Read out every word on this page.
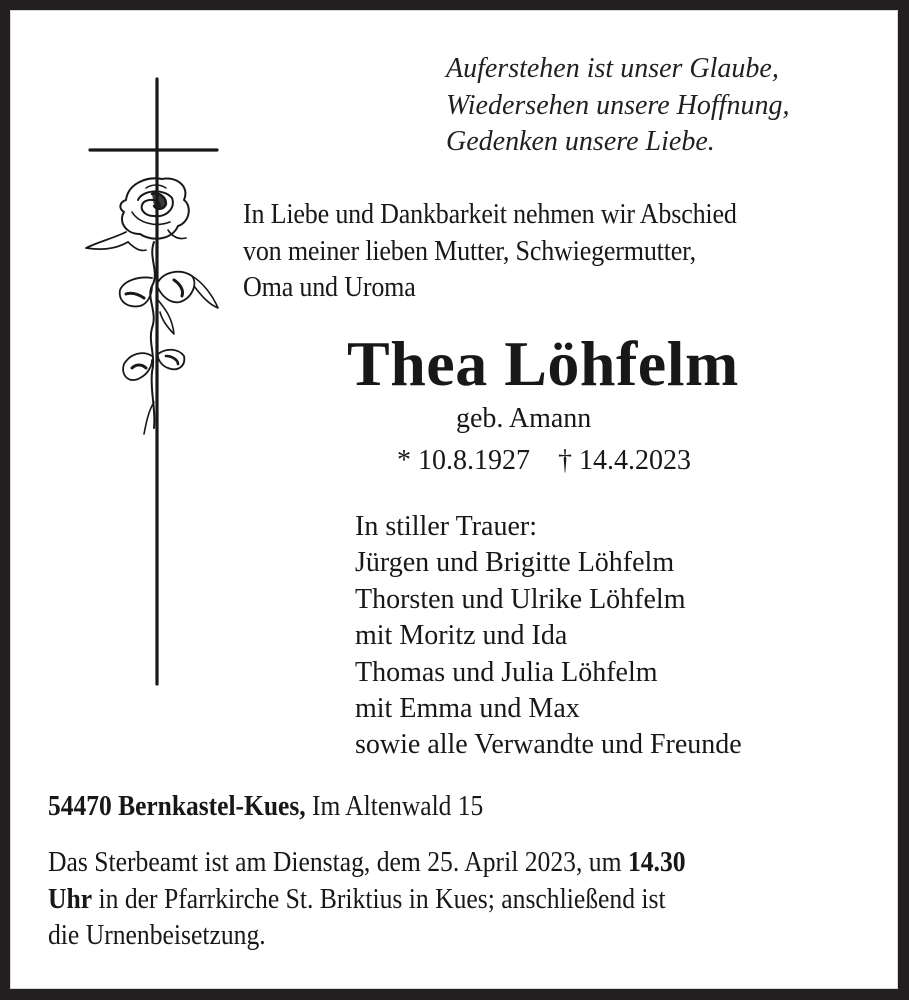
Auferstehen ist unser Glaube,
Wiedersehen unsere Hoffnung,
Gedenken unsere Liebe.
In Liebe und Dankbarkeit nehmen wir Abschied
von meiner lieben Mutter, Schwiegermutter,
Oma und Uroma
Thea Löhfelm
geb. Amann
* 10.8.1927 † 14.4.2023
In stiller Trauer:
Jürgen und Brigitte Löhfelm
Thorsten und Ulrike Löhfelm
mit Moritz und Ida
Thomas und Julia Löhfelm
mit Emma und Max
sowie alle Verwandte und Freunde
54470 Bernkastel-Kues, Im Altenwald 15
Das Sterbeamt ist am Dienstag, dem 25. April 2023, um 14.30
Uhr in der Pfarrkirche St. Briktius in Kues; anschließend ist
die Urnenbeisetzung.
